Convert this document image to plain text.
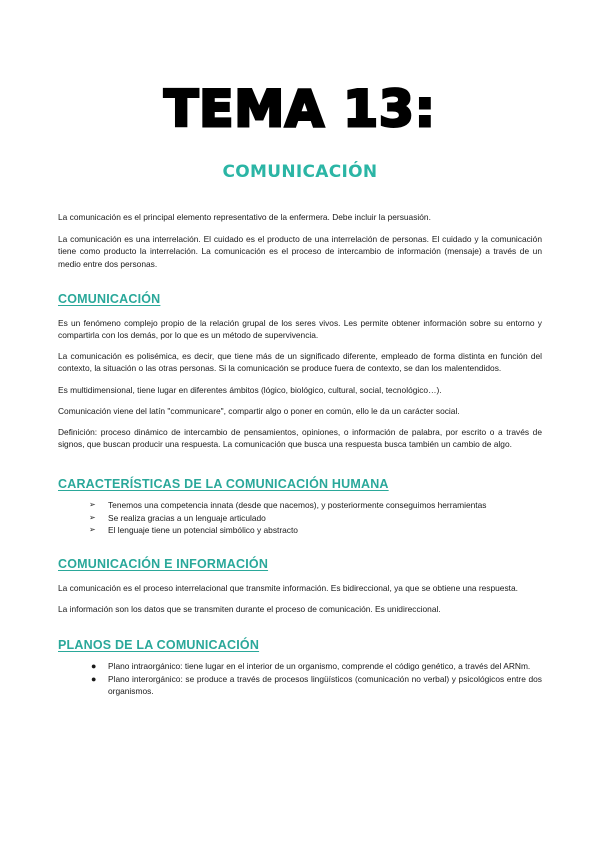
TEMA 13:
COMUNICACIÓN

La comunicación es el principal elemento representativo de la enfermera. Debe incluir la persuasión.

La comunicación es una interrelación. El cuidado es el producto de una interrelación de personas. El cuidado y la comunicación tiene como producto la interrelación. La comunicación es el proceso de intercambio de información (mensaje) a través de un medio entre dos personas.

COMUNICACIÓN

Es un fenómeno complejo propio de la relación grupal de los seres vivos. Les permite obtener información sobre su entorno y compartirla con los demás, por lo que es un método de supervivencia.

La comunicación es polisémica, es decir, que tiene más de un significado diferente, empleado de forma distinta en función del contexto, la situación o las otras personas. Si la comunicación se produce fuera de contexto, se dan los malentendidos.

Es multidimensional, tiene lugar en diferentes ámbitos (lógico, biológico, cultural, social, tecnológico…).

Comunicación viene del latín "communicare", compartir algo o poner en común, ello le da un carácter social.

Definición: proceso dinámico de intercambio de pensamientos, opiniones, o información de palabra, por escrito o a través de signos, que buscan producir una respuesta. La comunicación que busca una respuesta busca también un cambio de algo.

CARACTERÍSTICAS DE LA COMUNICACIÓN HUMANA
➢ Tenemos una competencia innata (desde que nacemos), y posteriormente conseguimos herramientas
➢ Se realiza gracias a un lenguaje articulado
➢ El lenguaje tiene un potencial simbólico y abstracto
COMUNICACIÓN E INFORMACIÓN

La comunicación es el proceso interrelacional que transmite información. Es bidireccional, ya que se obtiene una respuesta.

La información son los datos que se transmiten durante el proceso de comunicación. Es unidireccional.

PLANOS DE LA COMUNICACIÓN
● Plano intraorgánico: tiene lugar en el interior de un organismo, comprende el código genético, a través del ARNm.
● Plano interorgánico: se produce a través de procesos lingüísticos (comunicación no verbal) y psicológicos entre dos organismos.
